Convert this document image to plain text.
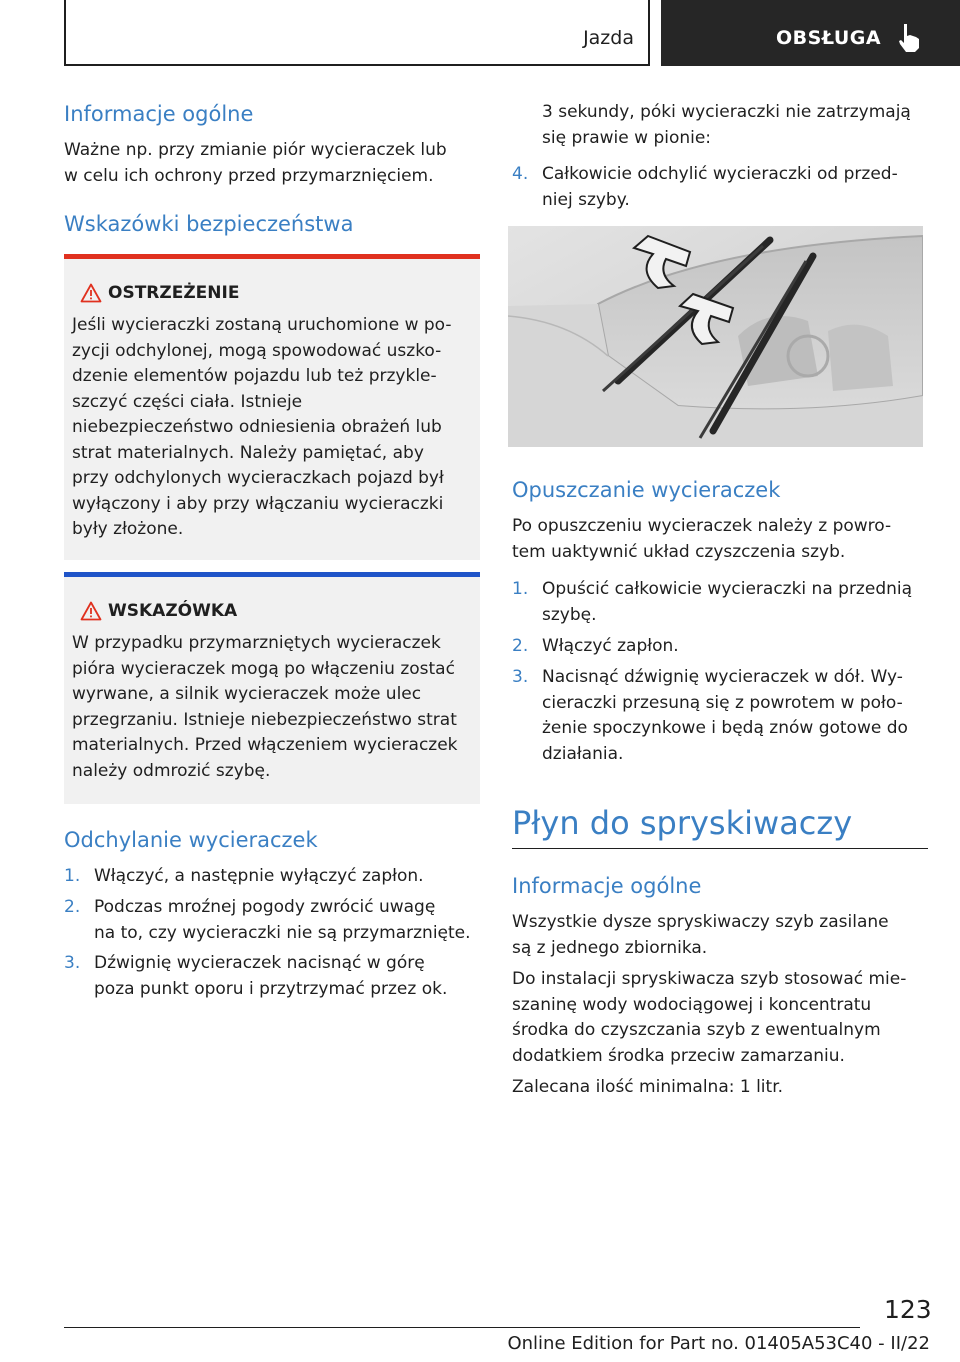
Jazda	OBSŁUGA
Informacje ogólne
Ważne np. przy zmianie piór wycieraczek lub
w celu ich ochrony przed przymarznięciem.
Wskazówki bezpieczeństwa
OSTRZEŻENIE
Jeśli wycieraczki zostaną uruchomione w po-
zycji odchylonej, mogą spowodować uszko-
dzenie elementów pojazdu lub też przykle-
szczyć części ciała. Istnieje
niebezpieczeństwo odniesienia obrażeń lub
strat materialnych. Należy pamiętać, aby
przy odchylonych wycieraczkach pojazd był
wyłączony i aby przy włączaniu wycieraczki
były złożone.
WSKAZÓWKA
W przypadku przymarzniętych wycieraczek
pióra wycieraczek mogą po włączeniu zostać
wyrwane, a silnik wycieraczek może ulec
przegrzaniu. Istnieje niebezpieczeństwo strat
materialnych. Przed włączeniem wycieraczek
należy odmrozić szybę.
Odchylanie wycieraczek
1. Włączyć, a następnie wyłączyć zapłon.
2. Podczas mroźnej pogody zwrócić uwagę
na to, czy wycieraczki nie są przymarznięte.
3. Dźwignię wycieraczek nacisnąć w górę
poza punkt oporu i przytrzymać przez ok.
3 sekundy, póki wycieraczki nie zatrzymają
się prawie w pionie:
4. Całkowicie odchylić wycieraczki od przed-
niej szyby.
Opuszczanie wycieraczek
Po opuszczeniu wycieraczek należy z powro-
tem uaktywnić układ czyszczenia szyb.
1. Opuścić całkowicie wycieraczki na przednią
szybę.
2. Włączyć zapłon.
3. Nacisnąć dźwignię wycieraczek w dół. Wy-
cieraczki przesuną się z powrotem w poło-
żenie spoczynkowe i będą znów gotowe do
działania.
Płyn do spryskiwaczy
Informacje ogólne
Wszystkie dysze spryskiwaczy szyb zasilane
są z jednego zbiornika.
Do instalacji spryskiwacza szyb stosować mie-
szaninę wody wodociągowej i koncentratu
środka do czyszczania szyb z ewentualnym
dodatkiem środka przeciw zamarzaniu.
Zalecana ilość minimalna: 1 litr.
123
Online Edition for Part no. 01405A53C40 - II/22
